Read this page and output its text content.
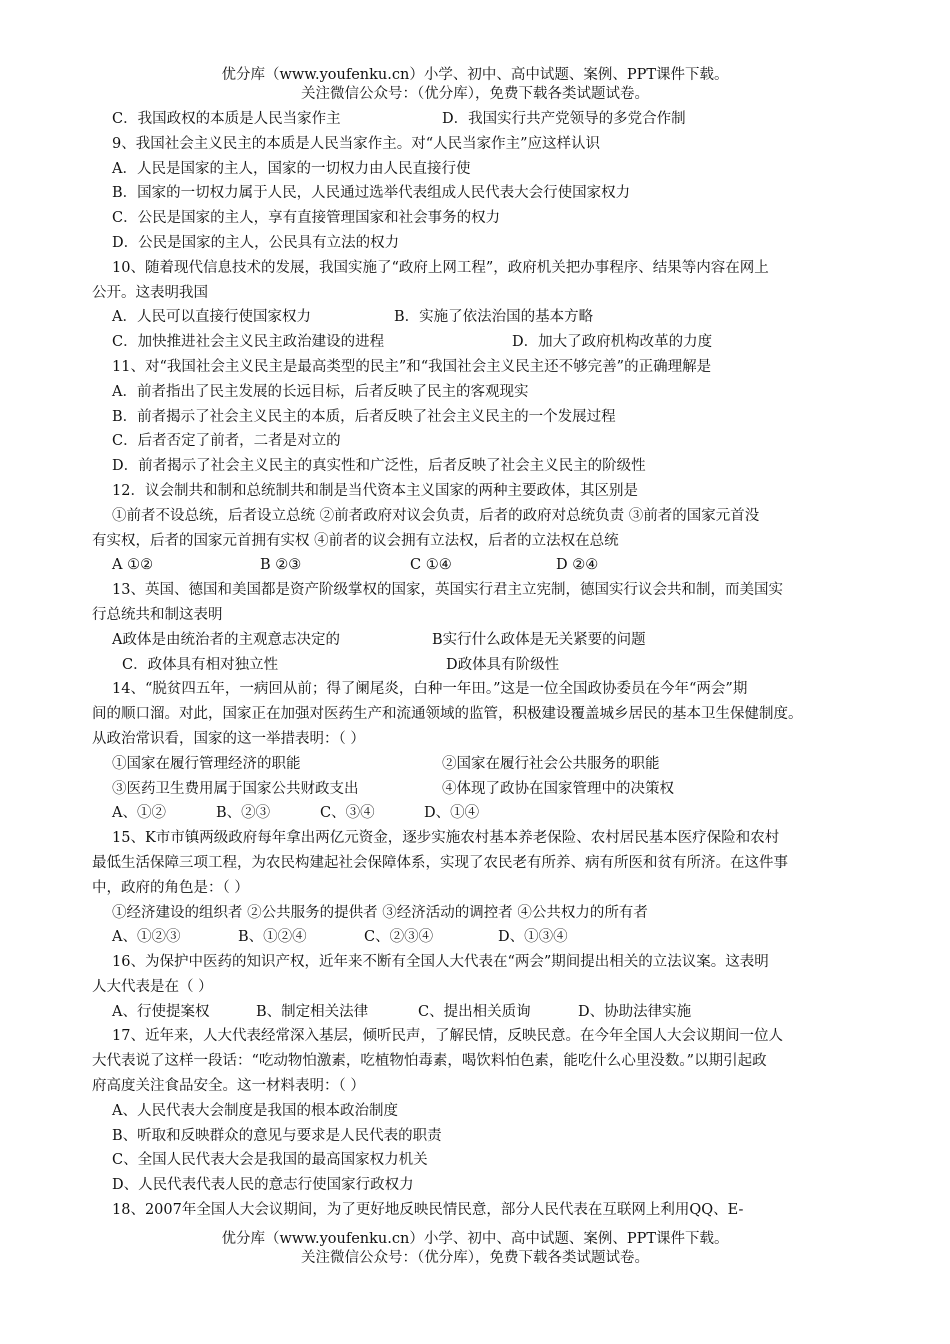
优分库（www.youfenku.cn）小学、初中、高中试题、案例、PPT课件下载。
关注微信公众号：（优分库），免费下载各类试题试卷。
C．我国政权的本质是人民当家作主	D．我国实行共产党领导的多党合作制
9、我国社会主义民主的本质是人民当家作主。对“人民当家作主”应这样认识
A．人民是国家的主人，国家的一切权力由人民直接行使
B．国家的一切权力属于人民，人民通过选举代表组成人民代表大会行使国家权力
C．公民是国家的主人，享有直接管理国家和社会事务的权力
D．公民是国家的主人，公民具有立法的权力
10、随着现代信息技术的发展，我国实施了“政府上网工程”，政府机关把办事程序、结果等内容在网上
公开。这表明我国
A．人民可以直接行使国家权力	B．实施了依法治国的基本方略
C．加快推进社会主义民主政治建设的进程	D．加大了政府机构改革的力度
11、对“我国社会主义民主是最高类型的民主”和“我国社会主义民主还不够完善”的正确理解是
A．前者指出了民主发展的长远目标，后者反映了民主的客观现实
B．前者揭示了社会主义民主的本质，后者反映了社会主义民主的一个发展过程
C．后者否定了前者，二者是对立的
D．前者揭示了社会主义民主的真实性和广泛性，后者反映了社会主义民主的阶级性
12．议会制共和制和总统制共和制是当代资本主义国家的两种主要政体，其区别是
①前者不设总统，后者设立总统 ②前者政府对议会负责，后者的政府对总统负责 ③前者的国家元首没
有实权，后者的国家元首拥有实权 ④前者的议会拥有立法权，后者的立法权在总统
A ①②	B ②③	C ①④	D ②④
13、英国、德国和美国都是资产阶级掌权的国家，英国实行君主立宪制，德国实行议会共和制，而美国实
行总统共和制这表明
A政体是由统治者的主观意志决定的	B实行什么政体是无关紧要的问题
C．政体具有相对独立性	D政体具有阶级性
14、“脱贫四五年，一病回从前；得了阑尾炎，白种一年田。”这是一位全国政协委员在今年“两会”期
间的顺口溜。对此，国家正在加强对医药生产和流通领域的监管，积极建设覆盖城乡居民的基本卫生保健制度。
从政治常识看，国家的这一举措表明：（ ）
①国家在履行管理经济的职能	②国家在履行社会公共服务的职能
③医药卫生费用属于国家公共财政支出	④体现了政协在国家管理中的决策权
A、①②	B、②③	C、③④	D、①④
15、K市市镇两级政府每年拿出两亿元资金，逐步实施农村基本养老保险、农村居民基本医疗保险和农村
最低生活保障三项工程，为农民构建起社会保障体系，实现了农民老有所养、病有所医和贫有所济。在这件事
中，政府的角色是：（ ）
①经济建设的组织者 ②公共服务的提供者 ③经济活动的调控者 ④公共权力的所有者
A、①②③	B、①②④	C、②③④	D、①③④
16、为保护中医药的知识产权，近年来不断有全国人大代表在“两会”期间提出相关的立法议案。这表明
人大代表是在（ ）
A、行使提案权	B、制定相关法律	C、提出相关质询	D、协助法律实施
17、近年来，人大代表经常深入基层，倾听民声，了解民情，反映民意。在今年全国人大会议期间一位人
大代表说了这样一段话：“吃动物怕激素，吃植物怕毒素，喝饮料怕色素，能吃什么心里没数。”以期引起政
府高度关注食品安全。这一材料表明：（ ）
A、人民代表大会制度是我国的根本政治制度
B、听取和反映群众的意见与要求是人民代表的职责
C、全国人民代表大会是我国的最高国家权力机关
D、人民代表代表人民的意志行使国家行政权力
18、2007年全国人大会议期间，为了更好地反映民情民意，部分人民代表在互联网上利用QQ、E-
优分库（www.youfenku.cn）小学、初中、高中试题、案例、PPT课件下载。
关注微信公众号：（优分库），免费下载各类试题试卷。
